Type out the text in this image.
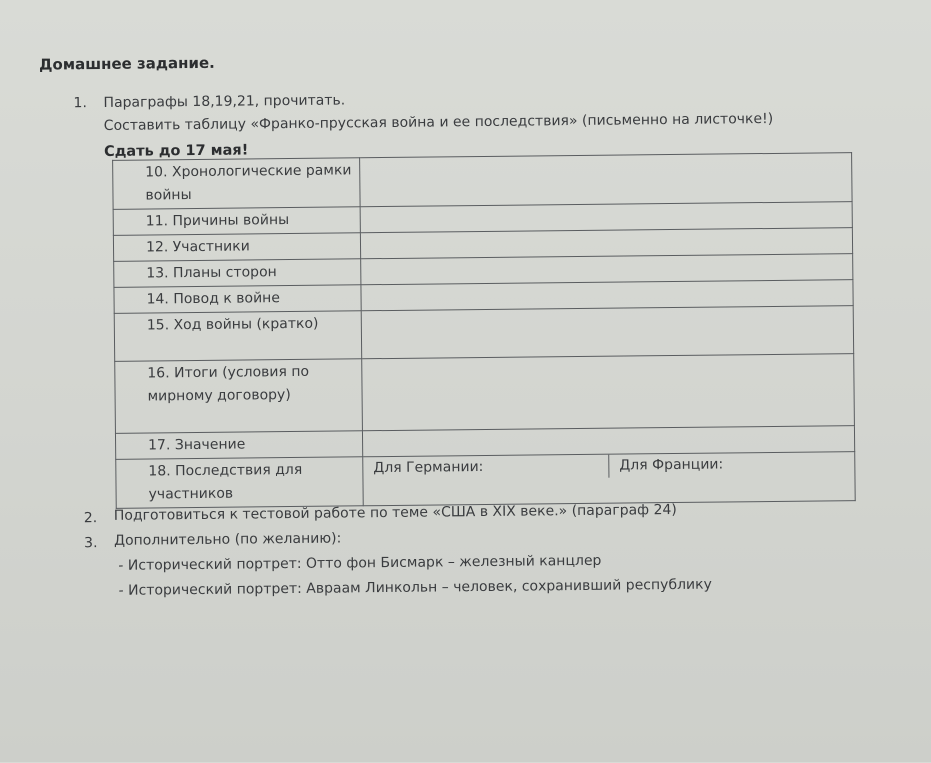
Домашнее задание.
1. Параграфы 18,19,21, прочитать.
Составить таблицу «Франко-прусская война и ее последствия» (письменно на листочке!)
Сдать до 17 мая!
10. Хронологические рамки войны	
11. Причины войны	
12. Участники	
13. Планы сторон	
14. Повод к войне	
15. Ход войны (кратко)	
16. Итоги (условия по мирному договору)	
17. Значение	
18. Последствия для участников	Для Германии: Для Франции:
2. Подготовиться к тестовой работе по теме «США в XIX веке.» (параграф 24)
3. Дополнительно (по желанию):
- Исторический портрет: Отто фон Бисмарк – железный канцлер
- Исторический портрет: Авраам Линкольн – человек, сохранивший республику
